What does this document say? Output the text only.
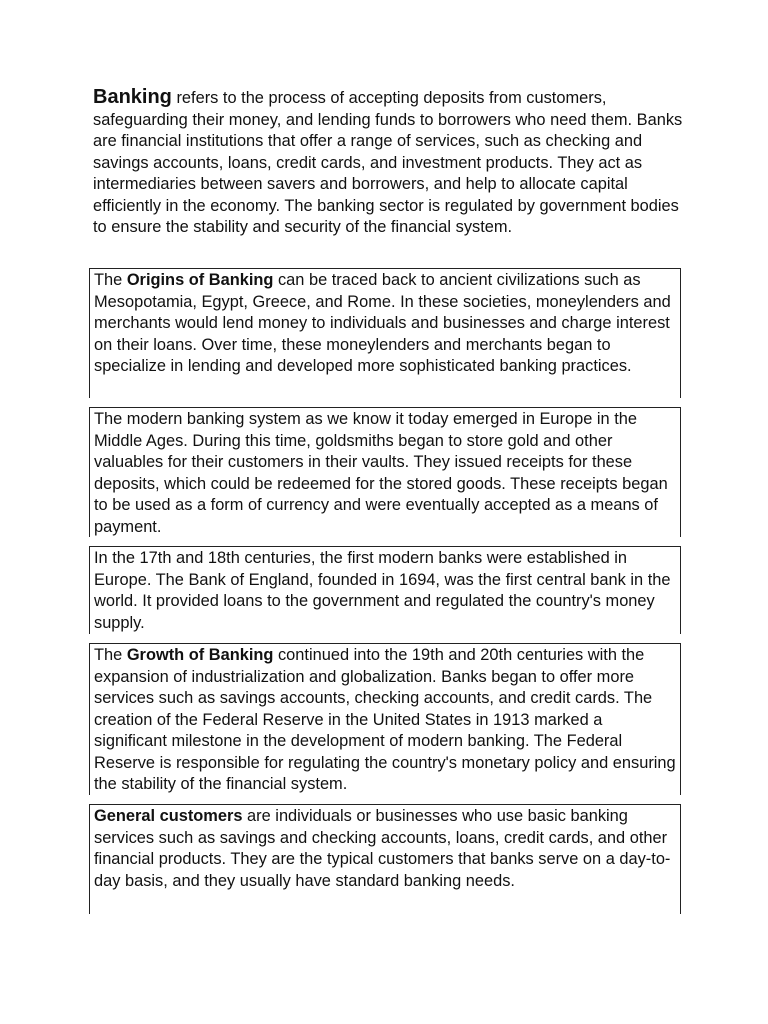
Banking refers to the process of accepting deposits from customers, safeguarding their money, and lending funds to borrowers who need them. Banks are financial institutions that offer a range of services, such as checking and savings accounts, loans, credit cards, and investment products. They act as intermediaries between savers and borrowers, and help to allocate capital efficiently in the economy. The banking sector is regulated by government bodies to ensure the stability and security of the financial system.

The Origins of Banking can be traced back to ancient civilizations such as Mesopotamia, Egypt, Greece, and Rome. In these societies, moneylenders and merchants would lend money to individuals and businesses and charge interest on their loans. Over time, these moneylenders and merchants began to specialize in lending and developed more sophisticated banking practices.

The modern banking system as we know it today emerged in Europe in the Middle Ages. During this time, goldsmiths began to store gold and other valuables for their customers in their vaults. They issued receipts for these deposits, which could be redeemed for the stored goods. These receipts began to be used as a form of currency and were eventually accepted as a means of payment.

In the 17th and 18th centuries, the first modern banks were established in Europe. The Bank of England, founded in 1694, was the first central bank in the world. It provided loans to the government and regulated the country's money supply.

The Growth of Banking continued into the 19th and 20th centuries with the expansion of industrialization and globalization. Banks began to offer more services such as savings accounts, checking accounts, and credit cards. The creation of the Federal Reserve in the United States in 1913 marked a significant milestone in the development of modern banking. The Federal Reserve is responsible for regulating the country's monetary policy and ensuring the stability of the financial system.

General customers are individuals or businesses who use basic banking services such as savings and checking accounts, loans, credit cards, and other financial products. They are the typical customers that banks serve on a day-to-day basis, and they usually have standard banking needs.
